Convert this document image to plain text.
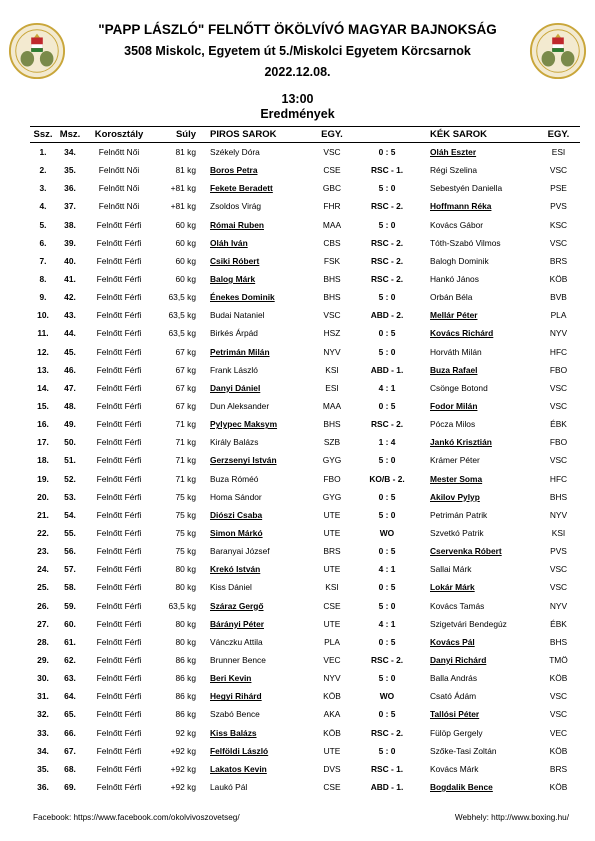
"PAPP LÁSZLÓ" FELNŐTT ÖKÖLVÍVÓ MAGYAR BAJNOKSÁG
3508 Miskolc, Egyetem út 5./Miskolci Egyetem Körcsarnok
2022.12.08.
13:00
Eredmények
Ssz.	Msz.	Korosztály	Súly	PIROS SAROK	EGY.		KÉK SAROK	EGY.
1.	34.	Felnőtt Női	81 kg	Székely Dóra	VSC	0 : 5	Oláh Eszter	ESI
2.	35.	Felnőtt Női	81 kg	Boros Petra	CSE	RSC - 1.	Régi Szelina	VSC
3.	36.	Felnőtt Női	+81 kg	Fekete Beradett	GBC	5 : 0	Sebestyén Daniella	PSE
4.	37.	Felnőtt Női	+81 kg	Zsoldos Virág	FHR	RSC - 2.	Hoffmann Réka	PVS
5.	38.	Felnőtt Férfi	60 kg	Római Ruben	MAA	5 : 0	Kovács Gábor	KSC
6.	39.	Felnőtt Férfi	60 kg	Oláh Iván	CBS	RSC - 2.	Tóth-Szabó Vilmos	VSC
7.	40.	Felnőtt Férfi	60 kg	Csiki Róbert	FSK	RSC - 2.	Balogh Dominik	BRS
8.	41.	Felnőtt Férfi	60 kg	Balog Márk	BHS	RSC - 2.	Hankó János	KÖB
9.	42.	Felnőtt Férfi	63,5 kg	Énekes Dominik	BHS	5 : 0	Orbán Béla	BVB
10.	43.	Felnőtt Férfi	63,5 kg	Budai Nataniel	VSC	ABD - 2.	Mellár Péter	PLA
11.	44.	Felnőtt Férfi	63,5 kg	Birkés Árpád	HSZ	0 : 5	Kovács Richárd	NYV
12.	45.	Felnőtt Férfi	67 kg	Petrimán Milán	NYV	5 : 0	Horváth Milán	HFC
13.	46.	Felnőtt Férfi	67 kg	Frank László	KSI	ABD - 1.	Buza Rafael	FBO
14.	47.	Felnőtt Férfi	67 kg	Danyi Dániel	ESI	4 : 1	Csönge Botond	VSC
15.	48.	Felnőtt Férfi	67 kg	Dun Aleksander	MAA	0 : 5	Fodor Milán	VSC
16.	49.	Felnőtt Férfi	71 kg	Pylypec Maksym	BHS	RSC - 2.	Pócza Milos	ÉBK
17.	50.	Felnőtt Férfi	71 kg	Király Balázs	SZB	1 : 4	Jankó Krisztián	FBO
18.	51.	Felnőtt Férfi	71 kg	Gerzsenyi István	GYG	5 : 0	Krámer Péter	VSC
19.	52.	Felnőtt Férfi	71 kg	Buza Róméó	FBO	KO/B - 2.	Mester Soma	HFC
20.	53.	Felnőtt Férfi	75 kg	Homa Sándor	GYG	0 : 5	Akilov Pylyp	BHS
21.	54.	Felnőtt Férfi	75 kg	Diószi Csaba	UTE	5 : 0	Petrimán Patrik	NYV
22.	55.	Felnőtt Férfi	75 kg	Simon Márkó	UTE	WO	Szvetkó Patrik	KSI
23.	56.	Felnőtt Férfi	75 kg	Baranyai József	BRS	0 : 5	Cservenka Róbert	PVS
24.	57.	Felnőtt Férfi	80 kg	Krekó István	UTE	4 : 1	Sallai Márk	VSC
25.	58.	Felnőtt Férfi	80 kg	Kiss Dániel	KSI	0 : 5	Lokár Márk	VSC
26.	59.	Felnőtt Férfi	63,5 kg	Száraz Gergő	CSE	5 : 0	Kovács Tamás	NYV
27.	60.	Felnőtt Férfi	80 kg	Bárányi Péter	UTE	4 : 1	Szigetvári Bendegúz	ÉBK
28.	61.	Felnőtt Férfi	80 kg	Vánczku Attila	PLA	0 : 5	Kovács Pál	BHS
29.	62.	Felnőtt Férfi	86 kg	Brunner Bence	VEC	RSC - 2.	Danyi Richárd	TMÖ
30.	63.	Felnőtt Férfi	86 kg	Beri Kevin	NYV	5 : 0	Balla András	KÖB
31.	64.	Felnőtt Férfi	86 kg	Hegyi Rihárd	KÖB	WO	Csató Ádám	VSC
32.	65.	Felnőtt Férfi	86 kg	Szabó Bence	AKA	0 : 5	Tallósi Péter	VSC
33.	66.	Felnőtt Férfi	92 kg	Kiss Balázs	KÖB	RSC - 2.	Fülöp Gergely	VEC
34.	67.	Felnőtt Férfi	+92 kg	Felföldi László	UTE	5 : 0	Szőke-Tasi Zoltán	KÖB
35.	68.	Felnőtt Férfi	+92 kg	Lakatos Kevin	DVS	RSC - 1.	Kovács Márk	BRS
36.	69.	Felnőtt Férfi	+92 kg	Laukó Pál	CSE	ABD - 1.	Bogdalik Bence	KÖB
Facebook: https://www.facebook.com/okolvivoszovetseg/	Webhely: http://www.boxing.hu/
